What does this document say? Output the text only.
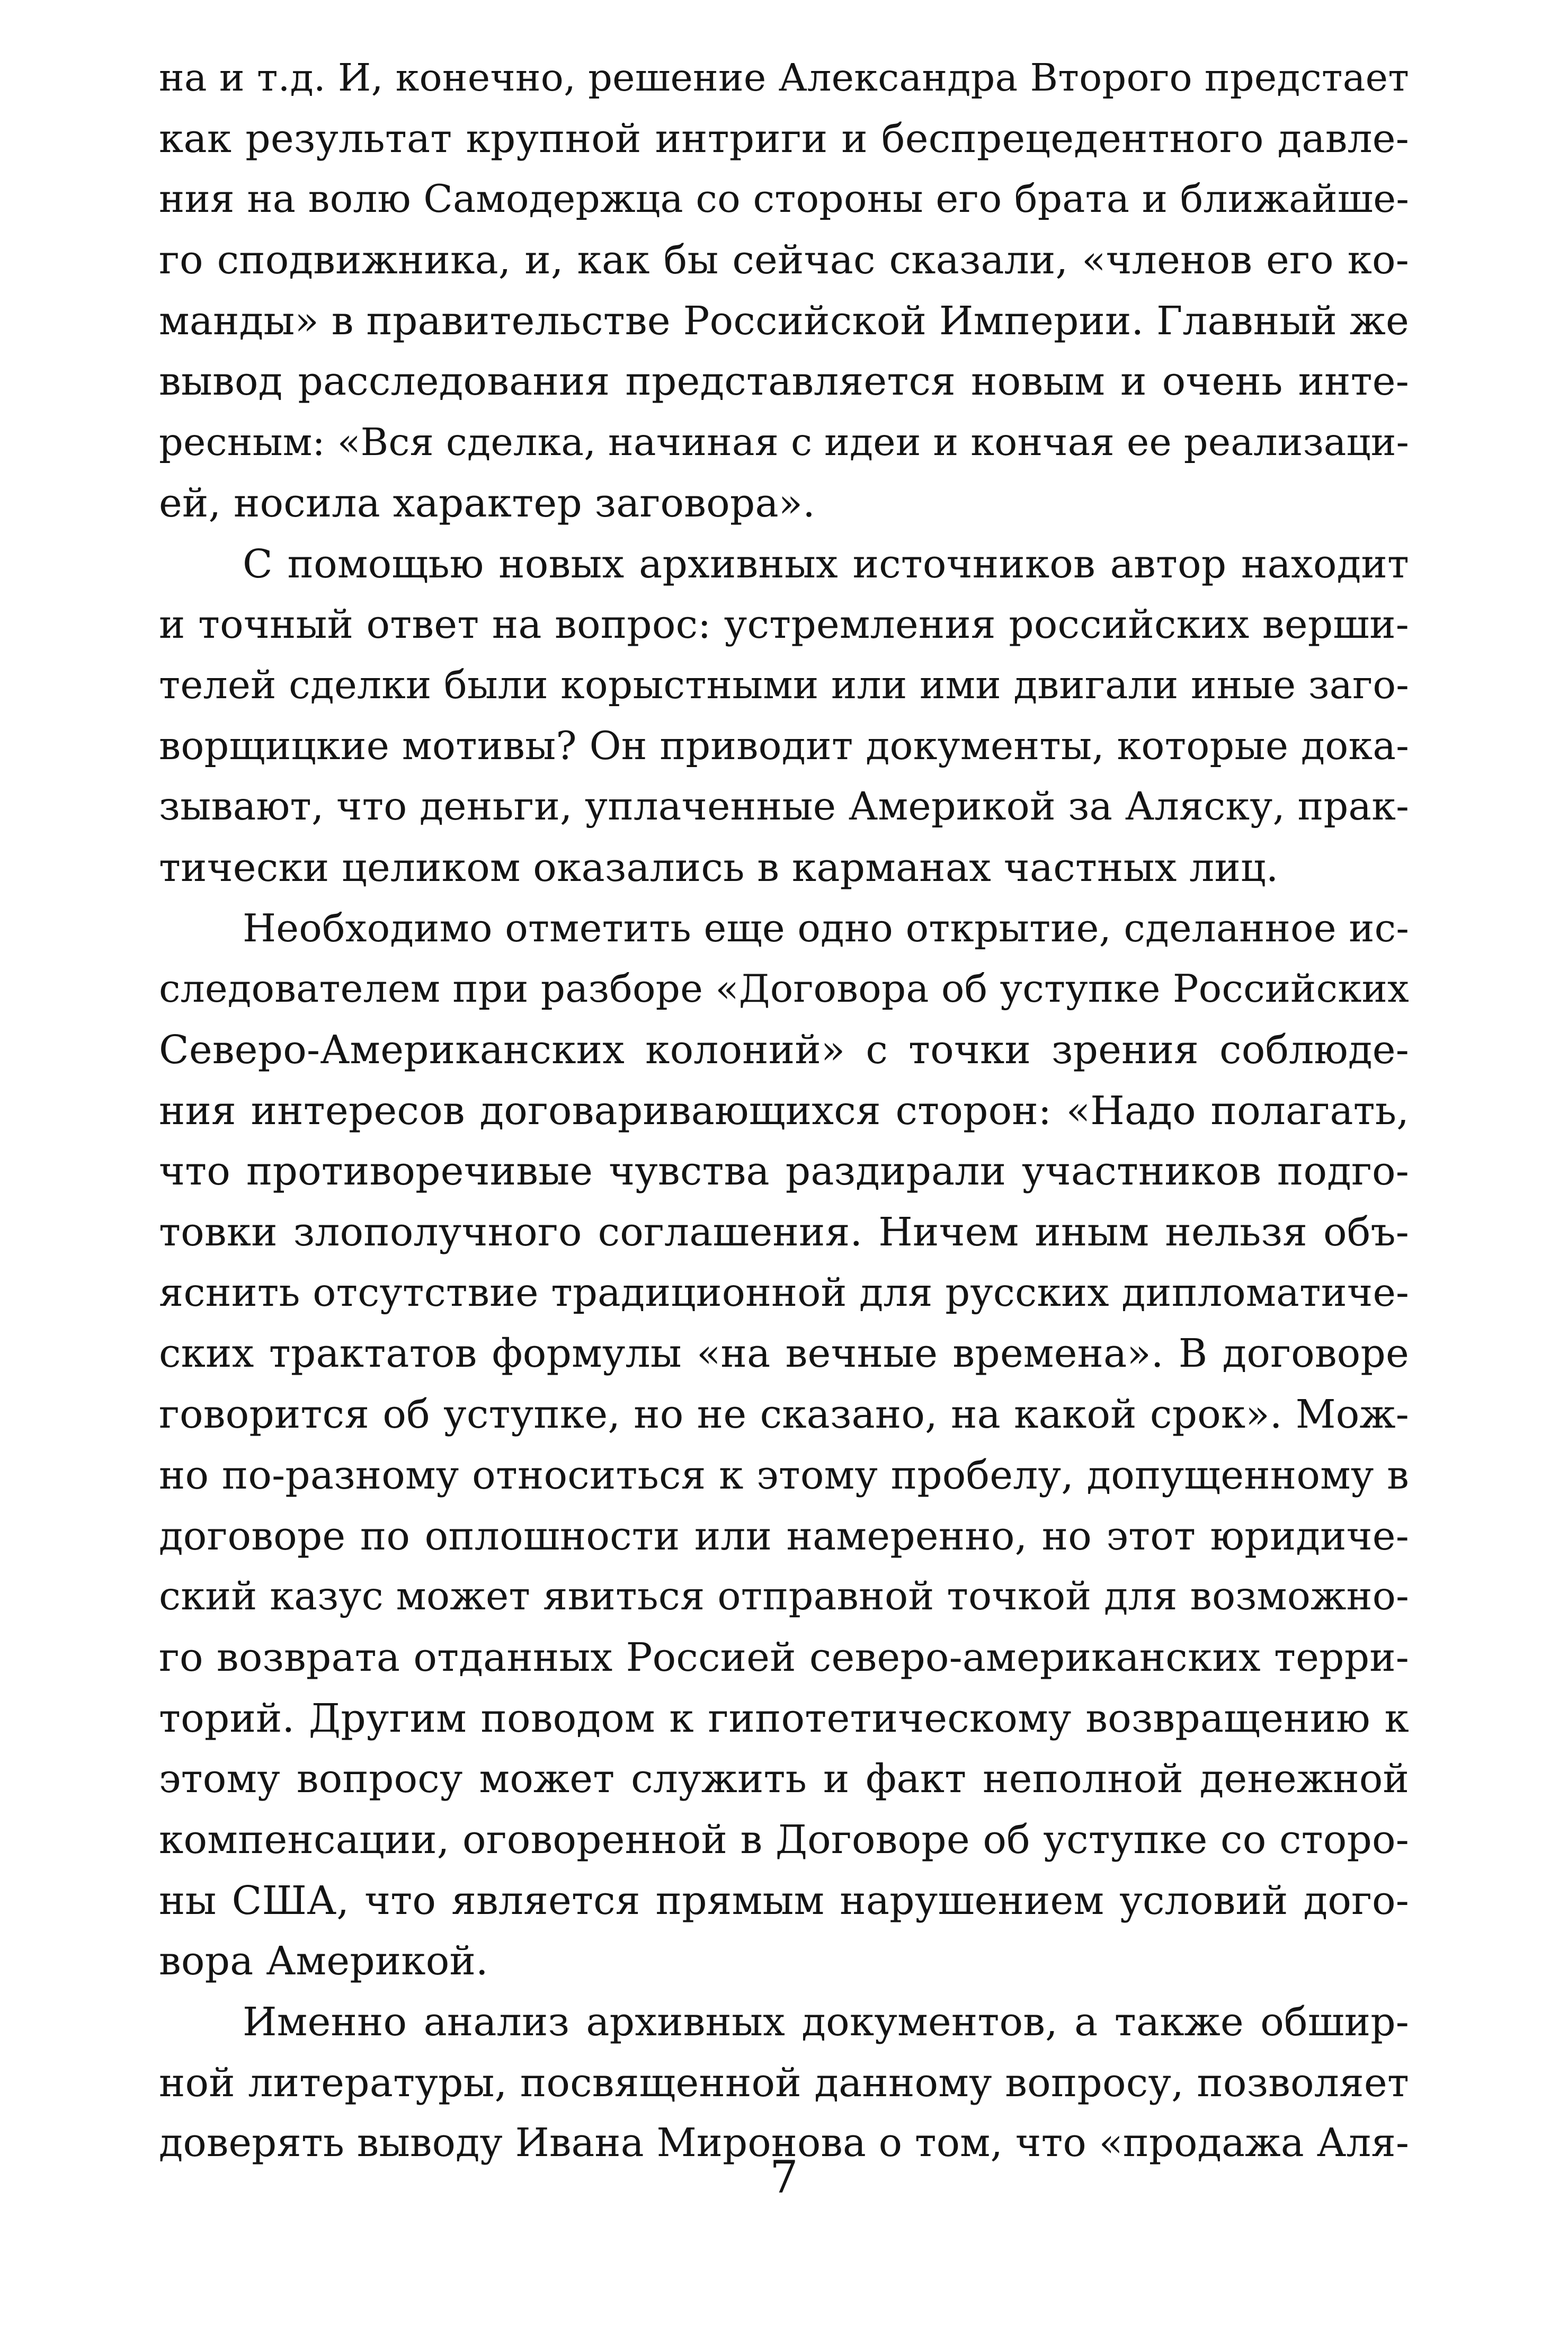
на и т.д. И, конечно, решение Александра Второго предстает
как результат крупной интриги и беспрецедентного давле-
ния на волю Самодержца со стороны его брата и ближайше-
го сподвижника, и, как бы сейчас сказали, «членов его ко-
манды» в правительстве Российской Империи. Главный же
вывод расследования представляется новым и очень инте-
ресным: «Вся сделка, начиная с идеи и кончая ее реализаци-
ей, носила характер заговора».
С помощью новых архивных источников автор находит
и точный ответ на вопрос: устремления российских верши-
телей сделки были корыстными или ими двигали иные заго-
ворщицкие мотивы? Он приводит документы, которые дока-
зывают, что деньги, уплаченные Америкой за Аляску, прак-
тически целиком оказались в карманах частных лиц.
Необходимо отметить еще одно открытие, сделанное ис-
следователем при разборе «Договора об уступке Российских
Северо-Американских колоний» с точки зрения соблюде-
ния интересов договаривающихся сторон: «Надо полагать,
что противоречивые чувства раздирали участников подго-
товки злополучного соглашения. Ничем иным нельзя объ-
яснить отсутствие традиционной для русских дипломатиче-
ских трактатов формулы «на вечные времена». В договоре
говорится об уступке, но не сказано, на какой срок». Мож-
но по-разному относиться к этому пробелу, допущенному в
договоре по оплошности или намеренно, но этот юридиче-
ский казус может явиться отправной точкой для возможно-
го возврата отданных Россией северо-американских терри-
торий. Другим поводом к гипотетическому возвращению к
этому вопросу может служить и факт неполной денежной
компенсации, оговоренной в Договоре об уступке со сторо-
ны США, что является прямым нарушением условий дого-
вора Америкой.
Именно анализ архивных документов, а также обшир-
ной литературы, посвященной данному вопросу, позволяет
доверять выводу Ивана Миронова о том, что «продажа Аля-
7
